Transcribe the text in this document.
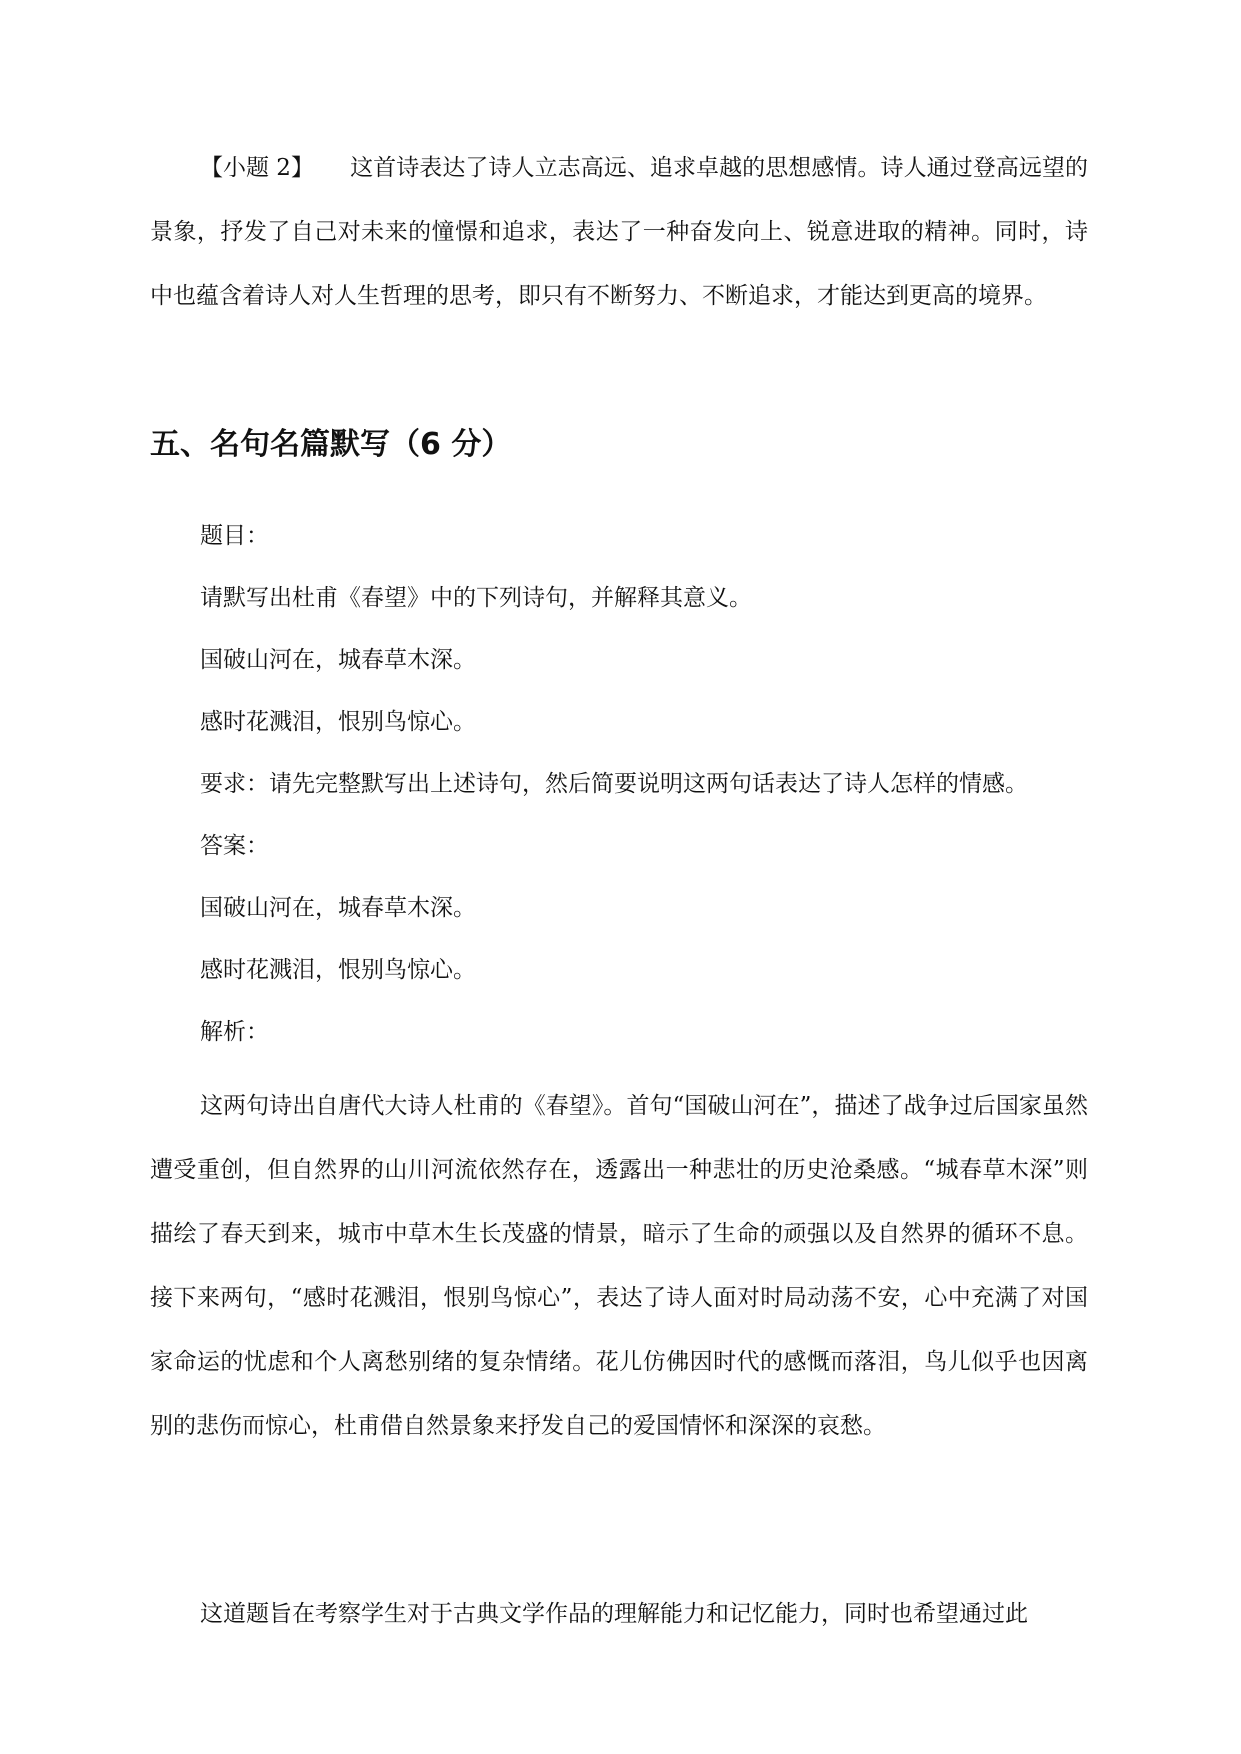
【小题 2】 这首诗表达了诗人立志高远、追求卓越的思想感情。诗人通过登高远望的景象，抒发了自己对未来的憧憬和追求，表达了一种奋发向上、锐意进取的精神。同时，诗中也蕴含着诗人对人生哲理的思考，即只有不断努力、不断追求，才能达到更高的境界。

五、名句名篇默写（6 分）

题目：

请默写出杜甫《春望》中的下列诗句，并解释其意义。

国破山河在，城春草木深。

感时花溅泪，恨别鸟惊心。

要求：请先完整默写出上述诗句，然后简要说明这两句话表达了诗人怎样的情感。

答案：

国破山河在，城春草木深。

感时花溅泪，恨别鸟惊心。

解析：

这两句诗出自唐代大诗人杜甫的《春望》。首句“国破山河在”，描述了战争过后国家虽然遭受重创，但自然界的山川河流依然存在，透露出一种悲壮的历史沧桑感。“城春草木深”则描绘了春天到来，城市中草木生长茂盛的情景，暗示了生命的顽强以及自然界的循环不息。接下来两句，“感时花溅泪，恨别鸟惊心”，表达了诗人面对时局动荡不安，心中充满了对国家命运的忧虑和个人离愁别绪的复杂情绪。花儿仿佛因时代的感慨而落泪，鸟儿似乎也因离别的悲伤而惊心，杜甫借自然景象来抒发自己的爱国情怀和深深的哀愁。

这道题旨在考察学生对于古典文学作品的理解能力和记忆能力，同时也希望通过此
